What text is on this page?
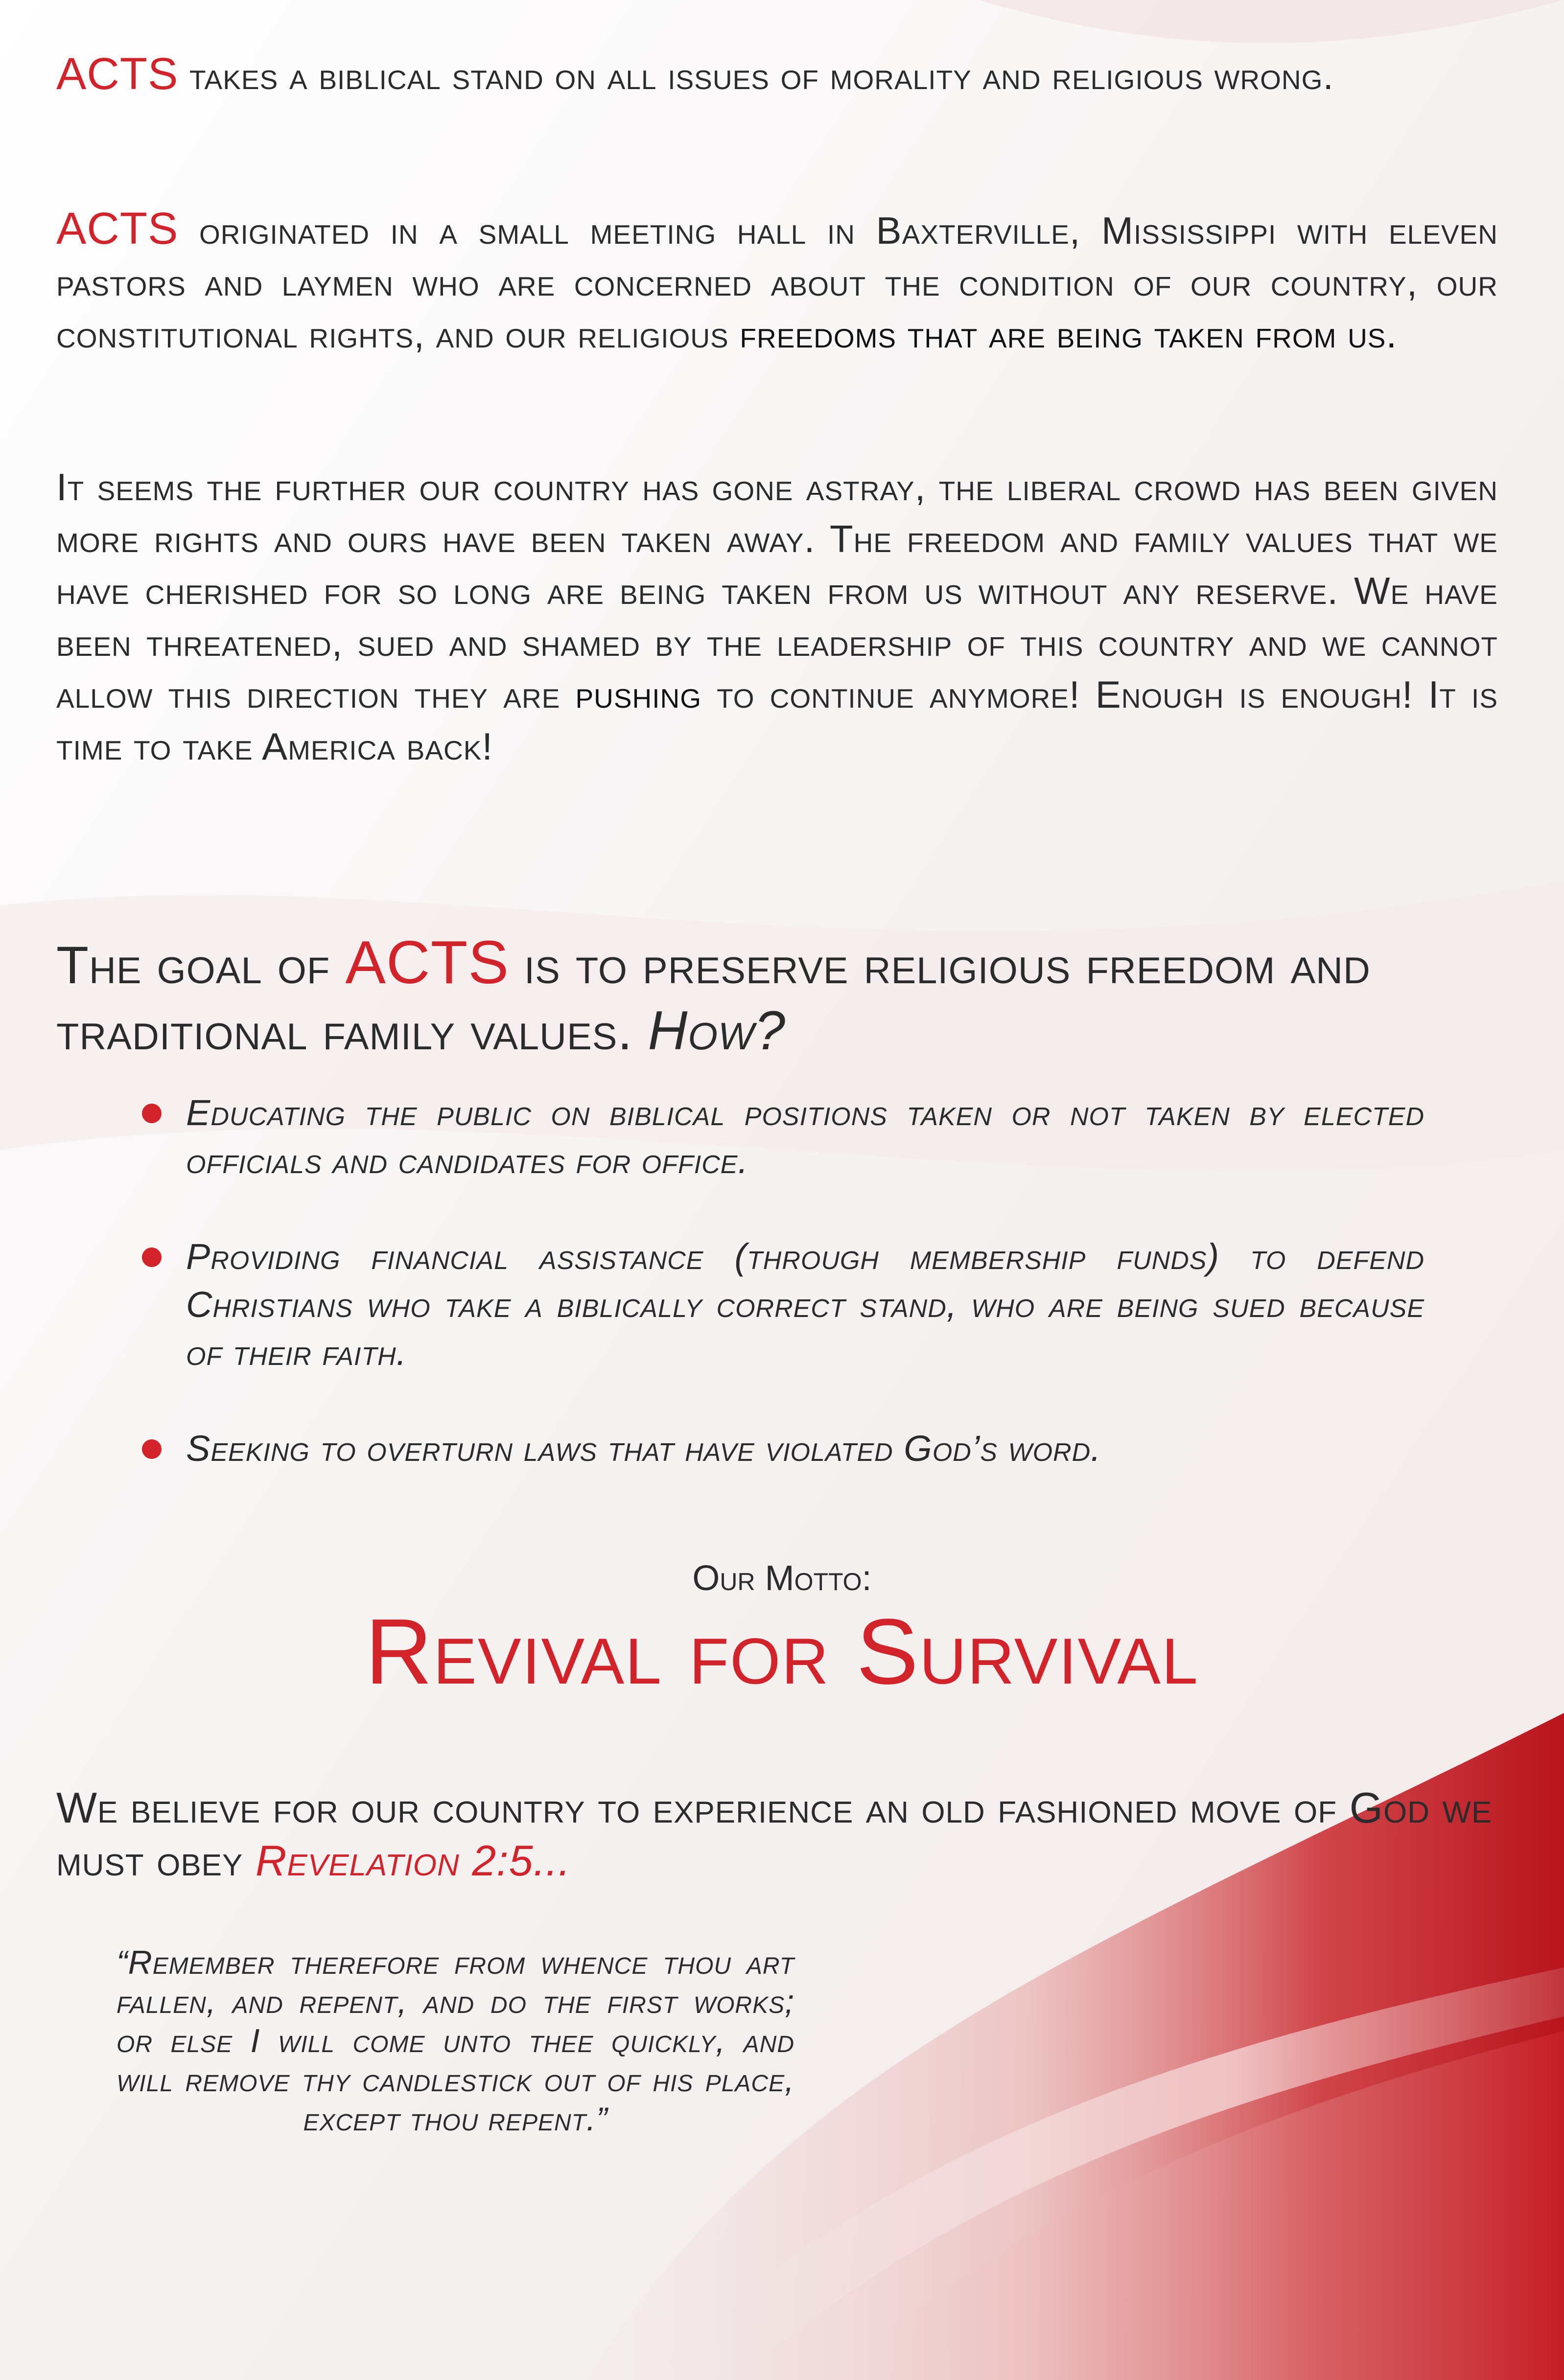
ACTS takes a biblical stand on all issues of morality and religious wrong.

ACTS originated in a small meeting hall in Baxterville, Mississippi with eleven pastors and laymen who are concerned about the condition of our country, our constitutional rights, and our religious freedoms that are being taken from us.

It seems the further our country has gone astray, the liberal crowd has been given more rights and ours have been taken away. The freedom and family values that we have cherished for so long are being taken from us without any reserve. We have been threatened, sued and shamed by the leadership of this country and we cannot allow this direction they are pushing to continue anymore! Enough is enough! It is time to take America back!

The goal of ACTS is to preserve religious freedom and traditional family values. How?

Educating the public on biblical positions taken or not taken by elected officials and candidates for office.
Providing financial assistance (through membership funds) to defend Christians who take a biblically correct stand, who are being sued because of their faith.
Seeking to overturn laws that have violated God’s word.
Our Motto:
Revival for Survival

We believe for our country to experience an old fashioned move of God we must obey Revelation 2:5...

“Remember therefore from whence thou art fallen, and repent, and do the first works; or else I will come unto thee quickly, and will remove thy candlestick out of his place, except thou repent.”
